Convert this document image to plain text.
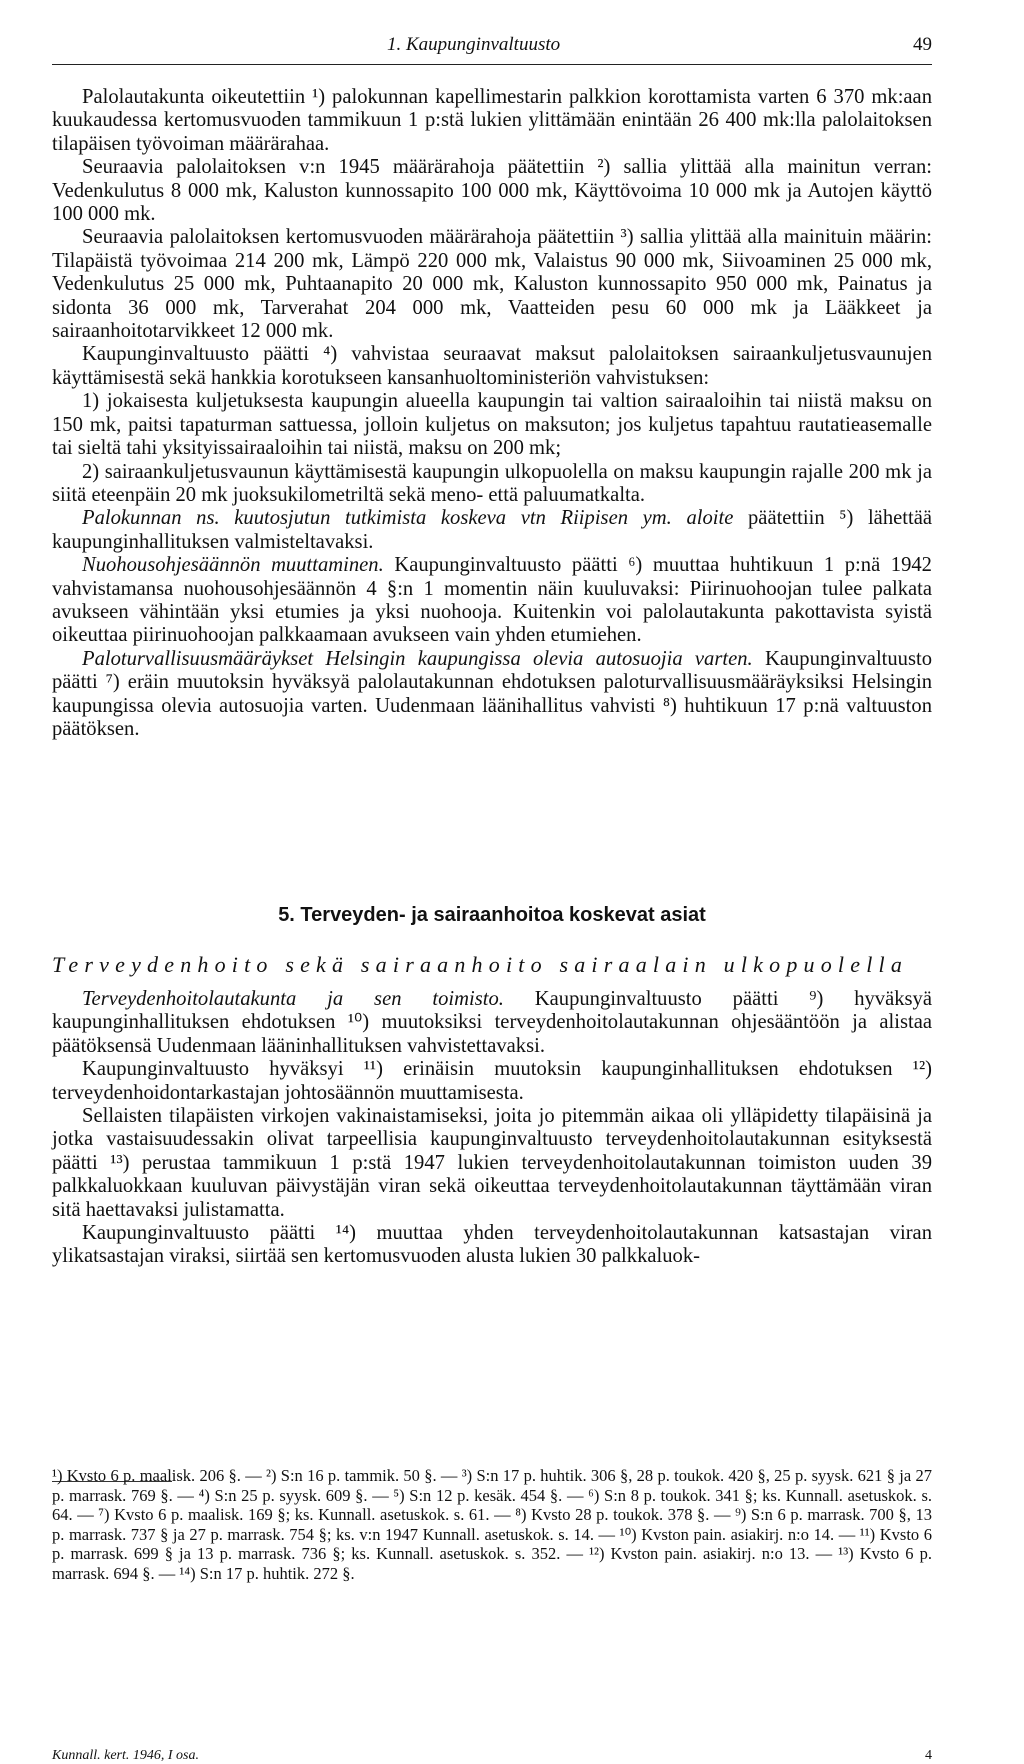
1. Kaupunginvaltuusto	49

Palolautakunta oikeutettiin ¹) palokunnan kapellimestarin palkkion korottamista varten 6 370 mk:aan kuukaudessa kertomusvuoden tammikuun 1 p:stä lukien ylittämään enintään 26 400 mk:lla palolaitoksen tilapäisen työvoiman määrärahaa.

Seuraavia palolaitoksen v:n 1945 määrärahoja päätettiin ²) sallia ylittää alla mainitun verran: Vedenkulutus 8 000 mk, Kaluston kunnossapito 100 000 mk, Käyttövoima 10 000 mk ja Autojen käyttö 100 000 mk.

Seuraavia palolaitoksen kertomusvuoden määrärahoja päätettiin ³) sallia ylittää alla mainituin määrin: Tilapäistä työvoimaa 214 200 mk, Lämpö 220 000 mk, Valaistus 90 000 mk, Siivoaminen 25 000 mk, Vedenkulutus 25 000 mk, Puhtaanapito 20 000 mk, Kaluston kunnossapito 950 000 mk, Painatus ja sidonta 36 000 mk, Tarverahat 204 000 mk, Vaatteiden pesu 60 000 mk ja Lääkkeet ja sairaanhoitotarvikkeet 12 000 mk.

Kaupunginvaltuusto päätti ⁴) vahvistaa seuraavat maksut palolaitoksen sairaankuljetusvaunujen käyttämisestä sekä hankkia korotukseen kansanhuoltoministeriön vahvistuksen:

1) jokaisesta kuljetuksesta kaupungin alueella kaupungin tai valtion sairaaloihin tai niistä maksu on 150 mk, paitsi tapaturman sattuessa, jolloin kuljetus on maksuton; jos kuljetus tapahtuu rautatieasemalle tai sieltä tahi yksityissairaaloihin tai niistä, maksu on 200 mk;

2) sairaankuljetusvaunun käyttämisestä kaupungin ulkopuolella on maksu kaupungin rajalle 200 mk ja siitä eteenpäin 20 mk juoksukilometriltä sekä meno- että paluumatkalta.

Palokunnan ns. kuutosjutun tutkimista koskeva vtn Riipisen ym. aloite päätettiin ⁵) lähettää kaupunginhallituksen valmisteltavaksi.

Nuohousohjesäännön muuttaminen. Kaupunginvaltuusto päätti ⁶) muuttaa huhtikuun 1 p:nä 1942 vahvistamansa nuohousohjesäännön 4 §:n 1 momentin näin kuuluvaksi: Piirinuohoojan tulee palkata avukseen vähintään yksi etumies ja yksi nuohooja. Kuitenkin voi palolautakunta pakottavista syistä oikeuttaa piirinuohoojan palkkaamaan avukseen vain yhden etumiehen.

Paloturvallisuusmääräykset Helsingin kaupungissa olevia autosuojia varten. Kaupunginvaltuusto päätti ⁷) eräin muutoksin hyväksyä palolautakunnan ehdotuksen paloturvallisuusmääräyksiksi Helsingin kaupungissa olevia autosuojia varten. Uudenmaan läänihallitus vahvisti ⁸) huhtikuun 17 p:nä valtuuston päätöksen.

5. Terveyden- ja sairaanhoitoa koskevat asiat
Terveydenhoito sekä sairaanhoito sairaalain ulkopuolella

Terveydenhoitolautakunta ja sen toimisto. Kaupunginvaltuusto päätti ⁹) hyväksyä kaupunginhallituksen ehdotuksen ¹⁰) muutoksiksi terveydenhoitolautakunnan ohjesääntöön ja alistaa päätöksensä Uudenmaan lääninhallituksen vahvistettavaksi.

Kaupunginvaltuusto hyväksyi ¹¹) erinäisin muutoksin kaupunginhallituksen ehdotuksen ¹²) terveydenhoidontarkastajan johtosäännön muuttamisesta.

Sellaisten tilapäisten virkojen vakinaistamiseksi, joita jo pitemmän aikaa oli ylläpidetty tilapäisinä ja jotka vastaisuudessakin olivat tarpeellisia kaupunginvaltuusto terveydenhoitolautakunnan esityksestä päätti ¹³) perustaa tammikuun 1 p:stä 1947 lukien terveydenhoitolautakunnan toimiston uuden 39 palkkaluokkaan kuuluvan päivystäjän viran sekä oikeuttaa terveydenhoitolautakunnan täyttämään viran sitä haettavaksi julistamatta.

Kaupunginvaltuusto päätti ¹⁴) muuttaa yhden terveydenhoitolautakunnan katsastajan viran ylikatsastajan viraksi, siirtää sen kertomusvuoden alusta lukien 30 palkkaluok-

¹) Kvsto 6 p. maalisk. 206 §. — ²) S:n 16 p. tammik. 50 §. — ³) S:n 17 p. huhtik. 306 §, 28 p. toukok. 420 §, 25 p. syysk. 621 § ja 27 p. marrask. 769 §. — ⁴) S:n 25 p. syysk. 609 §. — ⁵) S:n 12 p. kesäk. 454 §. — ⁶) S:n 8 p. toukok. 341 §; ks. Kunnall. asetuskok. s. 64. — ⁷) Kvsto 6 p. maalisk. 169 §; ks. Kunnall. asetuskok. s. 61. — ⁸) Kvsto 28 p. toukok. 378 §. — ⁹) S:n 6 p. marrask. 700 §, 13 p. marrask. 737 § ja 27 p. marrask. 754 §; ks. v:n 1947 Kunnall. asetuskok. s. 14. — ¹⁰) Kvston pain. asiakirj. n:o 14. — ¹¹) Kvsto 6 p. marrask. 699 § ja 13 p. marrask. 736 §; ks. Kunnall. asetuskok. s. 352. — ¹²) Kvston pain. asiakirj. n:o 13. — ¹³) Kvsto 6 p. marrask. 694 §. — ¹⁴) S:n 17 p. huhtik. 272 §.
Kunnall. kert. 1946, I osa.	4
